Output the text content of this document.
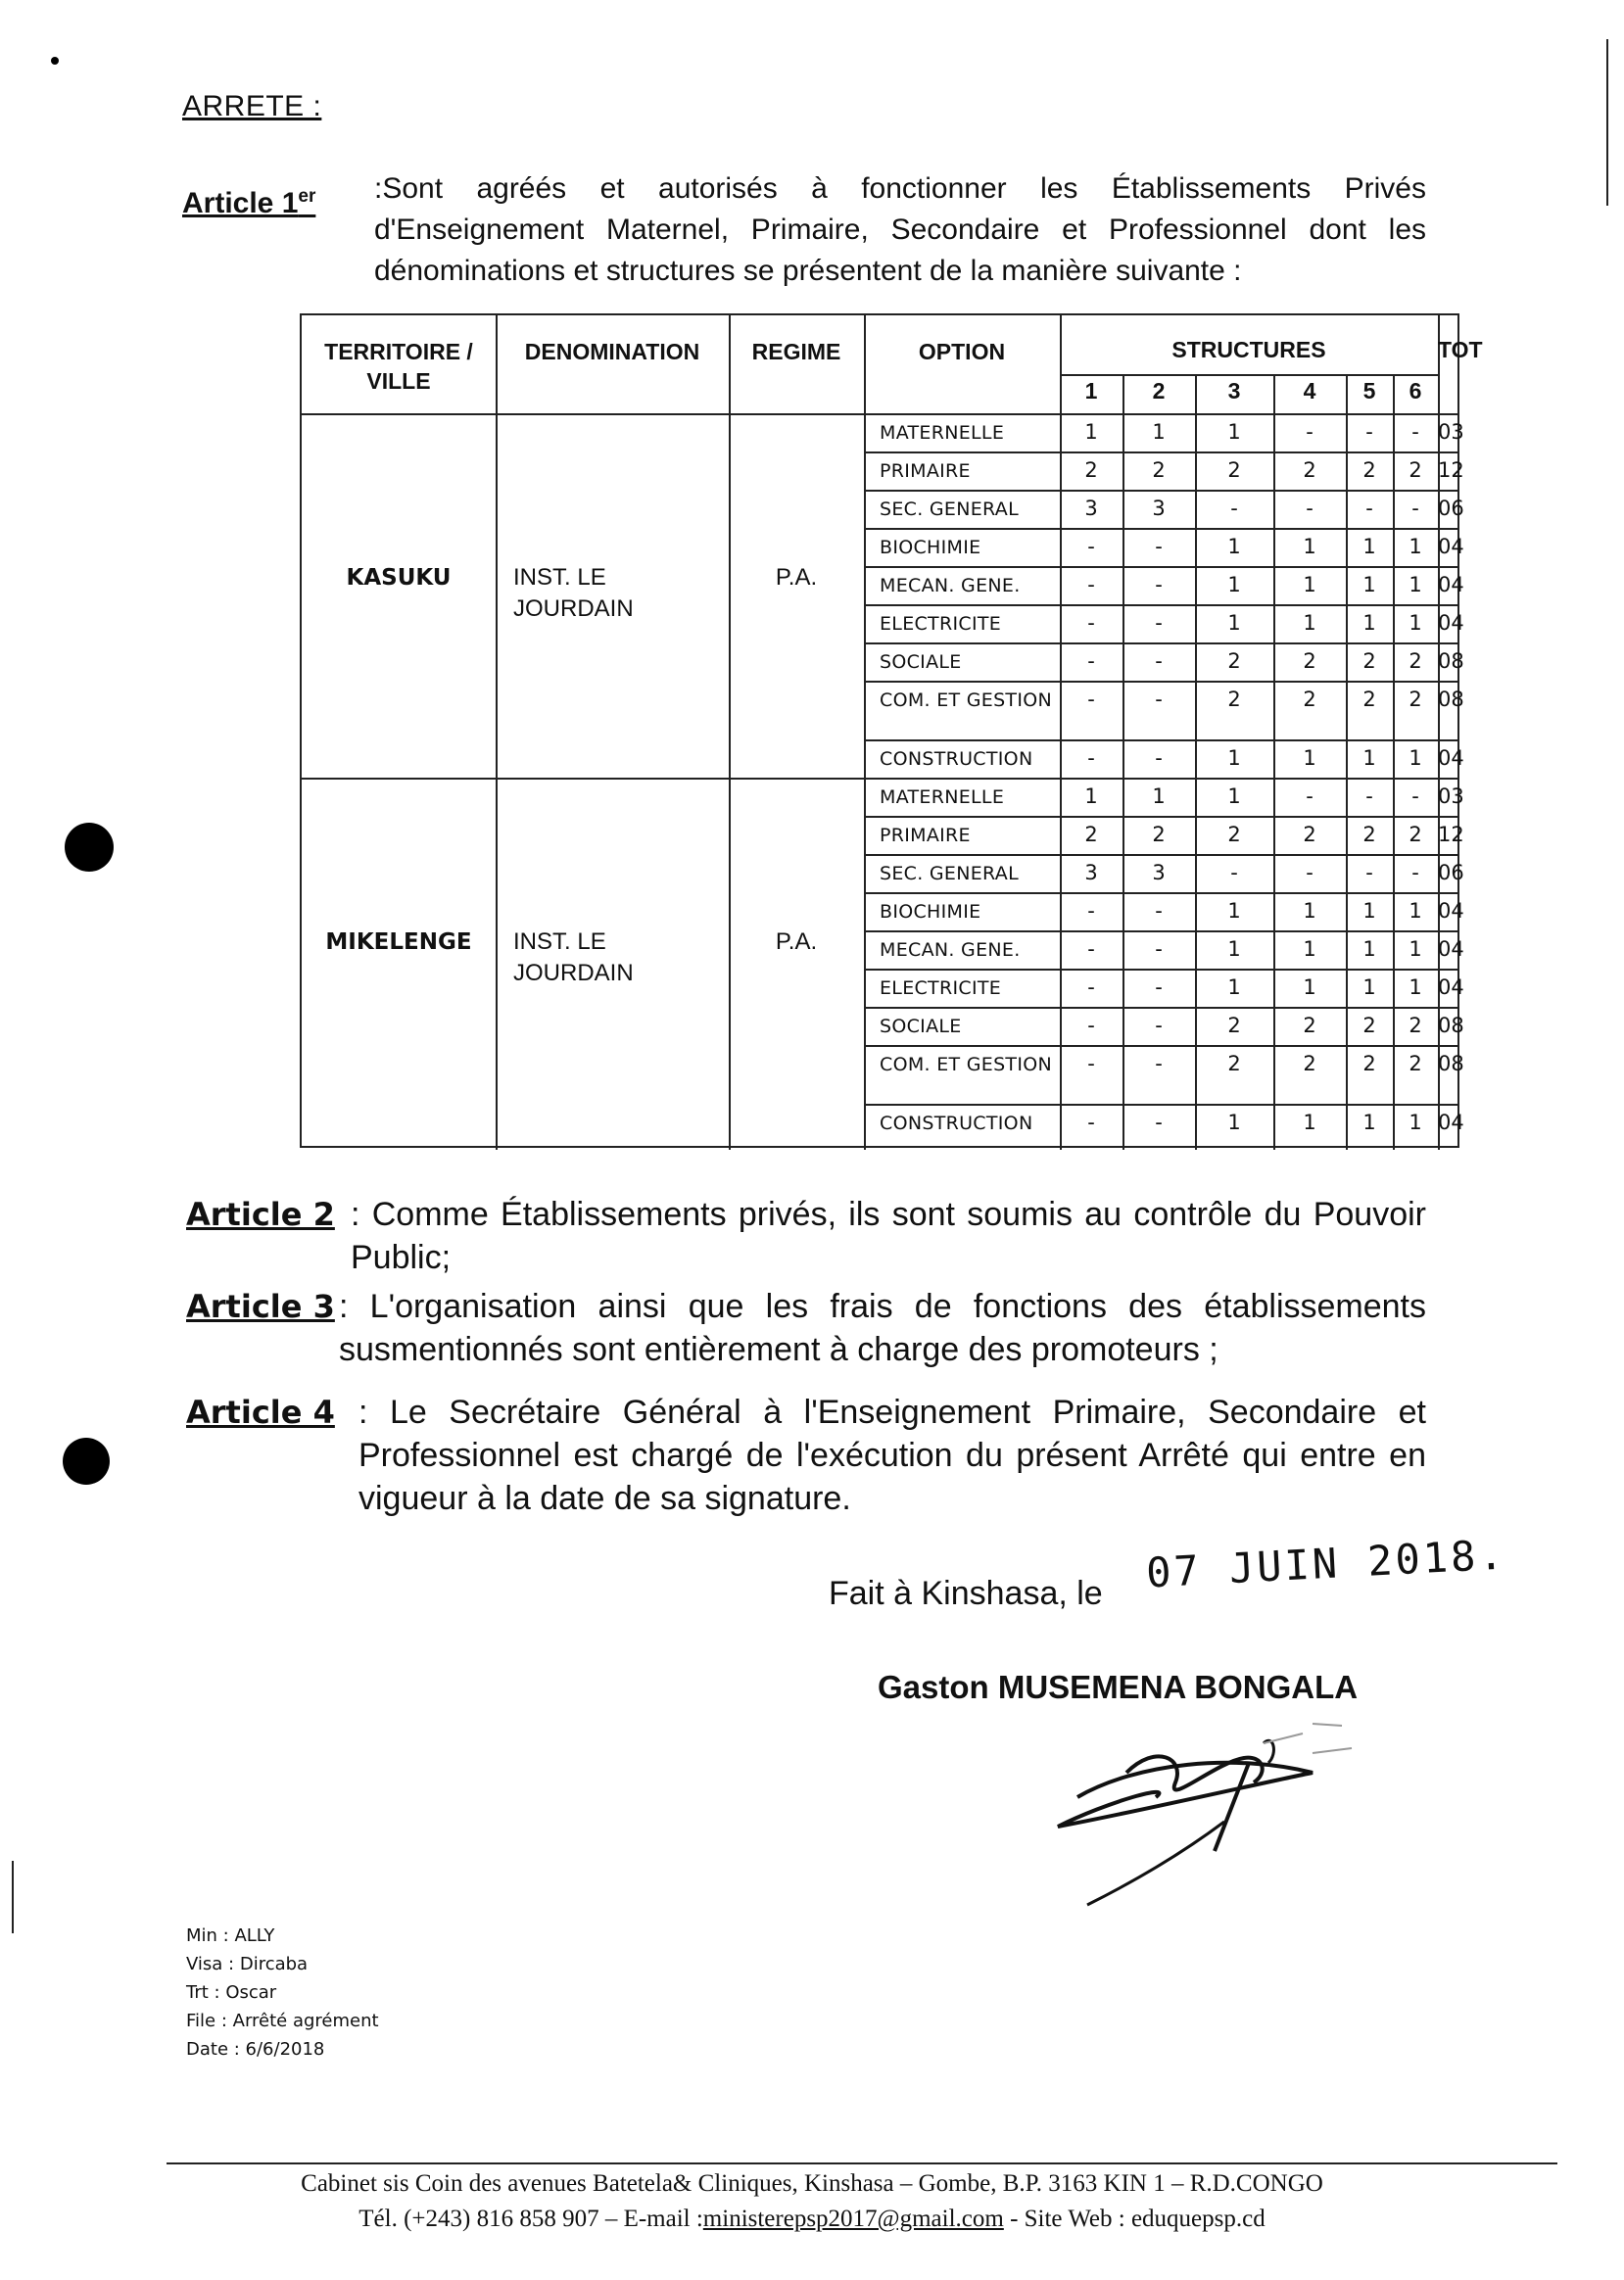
ARRETE :
Article 1er :Sont agréés et autorisés à fonctionner les Établissements Privés d'Enseignement Maternel, Primaire, Secondaire et Professionnel dont les dénominations et structures se présentent de la manière suivante :
TERRITOIRE /
VILLE
DENOMINATION	REGIME	OPTION	STRUCTURES	TOT
1	2	3	4	5	6
KASUKU	INST. LE JOURDAIN
P.A.
MATERNELLE	1	1	1	-	-	- 03
PRIMAIRE	2	2	2	2	2	2 12
SEC. GENERAL	3	3	-	-	-	- 06
BIOCHIMIE	-	-	1	1	1	1 04
MECAN. GENE.	-	-	1	1	1	1 04
ELECTRICITE	-	-	1	1	1	1 04
SOCIALE	-	-	2	2	2	2 08
COM. ET GESTION	-	-	2	2	2	2 08
CONSTRUCTION	-	-	1	1	1	1 04
MIKELENGE	INST. LE JOURDAIN
P.A.
MATERNELLE	1	1	1	-	-	- 03
PRIMAIRE	2	2	2	2	2	2 12
SEC. GENERAL	3	3	-	-	-	- 06
BIOCHIMIE	-	-	1	1	1	1 04
MECAN. GENE.	-	-	1	1	1	1 04
ELECTRICITE	-	-	1	1	1	1 04
SOCIALE	-	-	2	2	2	2 08
COM. ET GESTION	-	-	2	2	2	2 08
CONSTRUCTION	-	-	1	1	1	1 04
Article 2 : Comme Établissements privés, ils sont soumis au contrôle du Pouvoir Public;
Article 3 : L'organisation ainsi que les frais de fonctions des établissements susmentionnés sont entièrement à charge des promoteurs ;
Article 4 : Le Secrétaire Général à l'Enseignement Primaire, Secondaire et Professionnel est chargé de l'exécution du présent Arrêté qui entre en vigueur à la date de sa signature.
Fait à Kinshasa, le 07 JUIN 2018.
Gaston MUSEMENA BONGALA
Min : ALLY
Visa : Dircaba
Trt : Oscar
File : Arrêté agrément
Date : 6/6/2018
Cabinet sis Coin des avenues Batetela& Cliniques, Kinshasa – Gombe, B.P. 3163 KIN 1 – R.D.CONGO
Tél. (+243) 816 858 907 – E-mail :ministerepsp2017@gmail.com - Site Web : eduquepsp.cd
